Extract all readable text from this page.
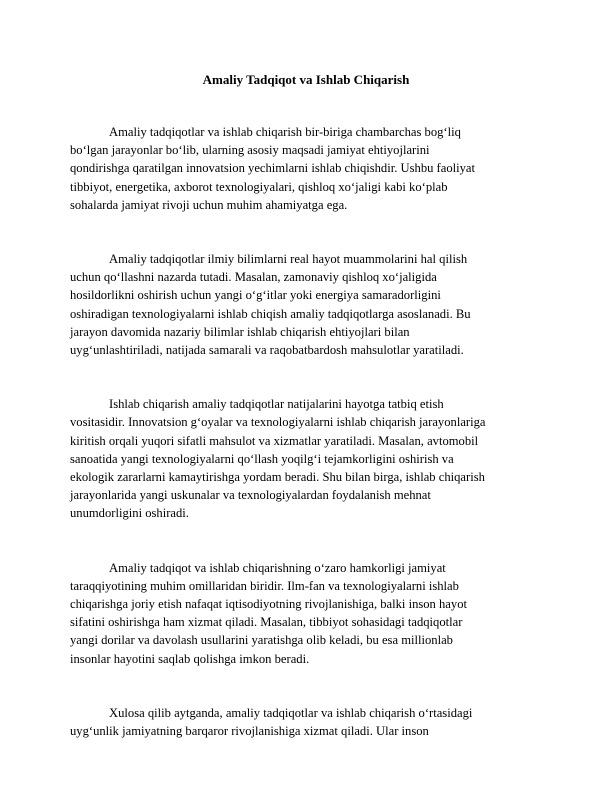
Amaliy Tadqiqot va Ishlab Chiqarish

Amaliy tadqiqotlar va ishlab chiqarish bir-biriga chambarchas bog‘liq
bo‘lgan jarayonlar bo‘lib, ularning asosiy maqsadi jamiyat ehtiyojlarini
qondirishga qaratilgan innovatsion yechimlarni ishlab chiqishdir. Ushbu faoliyat
tibbiyot, energetika, axborot texnologiyalari, qishloq xo‘jaligi kabi ko‘plab
sohalarda jamiyat rivoji uchun muhim ahamiyatga ega.

Amaliy tadqiqotlar ilmiy bilimlarni real hayot muammolarini hal qilish
uchun qo‘llashni nazarda tutadi. Masalan, zamonaviy qishloq xo‘jaligida
hosildorlikni oshirish uchun yangi o‘g‘itlar yoki energiya samaradorligini
oshiradigan texnologiyalarni ishlab chiqish amaliy tadqiqotlarga asoslanadi. Bu
jarayon davomida nazariy bilimlar ishlab chiqarish ehtiyojlari bilan
uyg‘unlashtiriladi, natijada samarali va raqobatbardosh mahsulotlar yaratiladi.

Ishlab chiqarish amaliy tadqiqotlar natijalarini hayotga tatbiq etish
vositasidir. Innovatsion g‘oyalar va texnologiyalarni ishlab chiqarish jarayonlariga
kiritish orqali yuqori sifatli mahsulot va xizmatlar yaratiladi. Masalan, avtomobil
sanoatida yangi texnologiyalarni qo‘llash yoqilg‘i tejamkorligini oshirish va
ekologik zararlarni kamaytirishga yordam beradi. Shu bilan birga, ishlab chiqarish
jarayonlarida yangi uskunalar va texnologiyalardan foydalanish mehnat
unumdorligini oshiradi.

Amaliy tadqiqot va ishlab chiqarishning o‘zaro hamkorligi jamiyat
taraqqiyotining muhim omillaridan biridir. Ilm-fan va texnologiyalarni ishlab
chiqarishga joriy etish nafaqat iqtisodiyotning rivojlanishiga, balki inson hayot
sifatini oshirishga ham xizmat qiladi. Masalan, tibbiyot sohasidagi tadqiqotlar
yangi dorilar va davolash usullarini yaratishga olib keladi, bu esa millionlab
insonlar hayotini saqlab qolishga imkon beradi.

Xulosa qilib aytganda, amaliy tadqiqotlar va ishlab chiqarish o‘rtasidagi
uyg‘unlik jamiyatning barqaror rivojlanishiga xizmat qiladi. Ular inson
